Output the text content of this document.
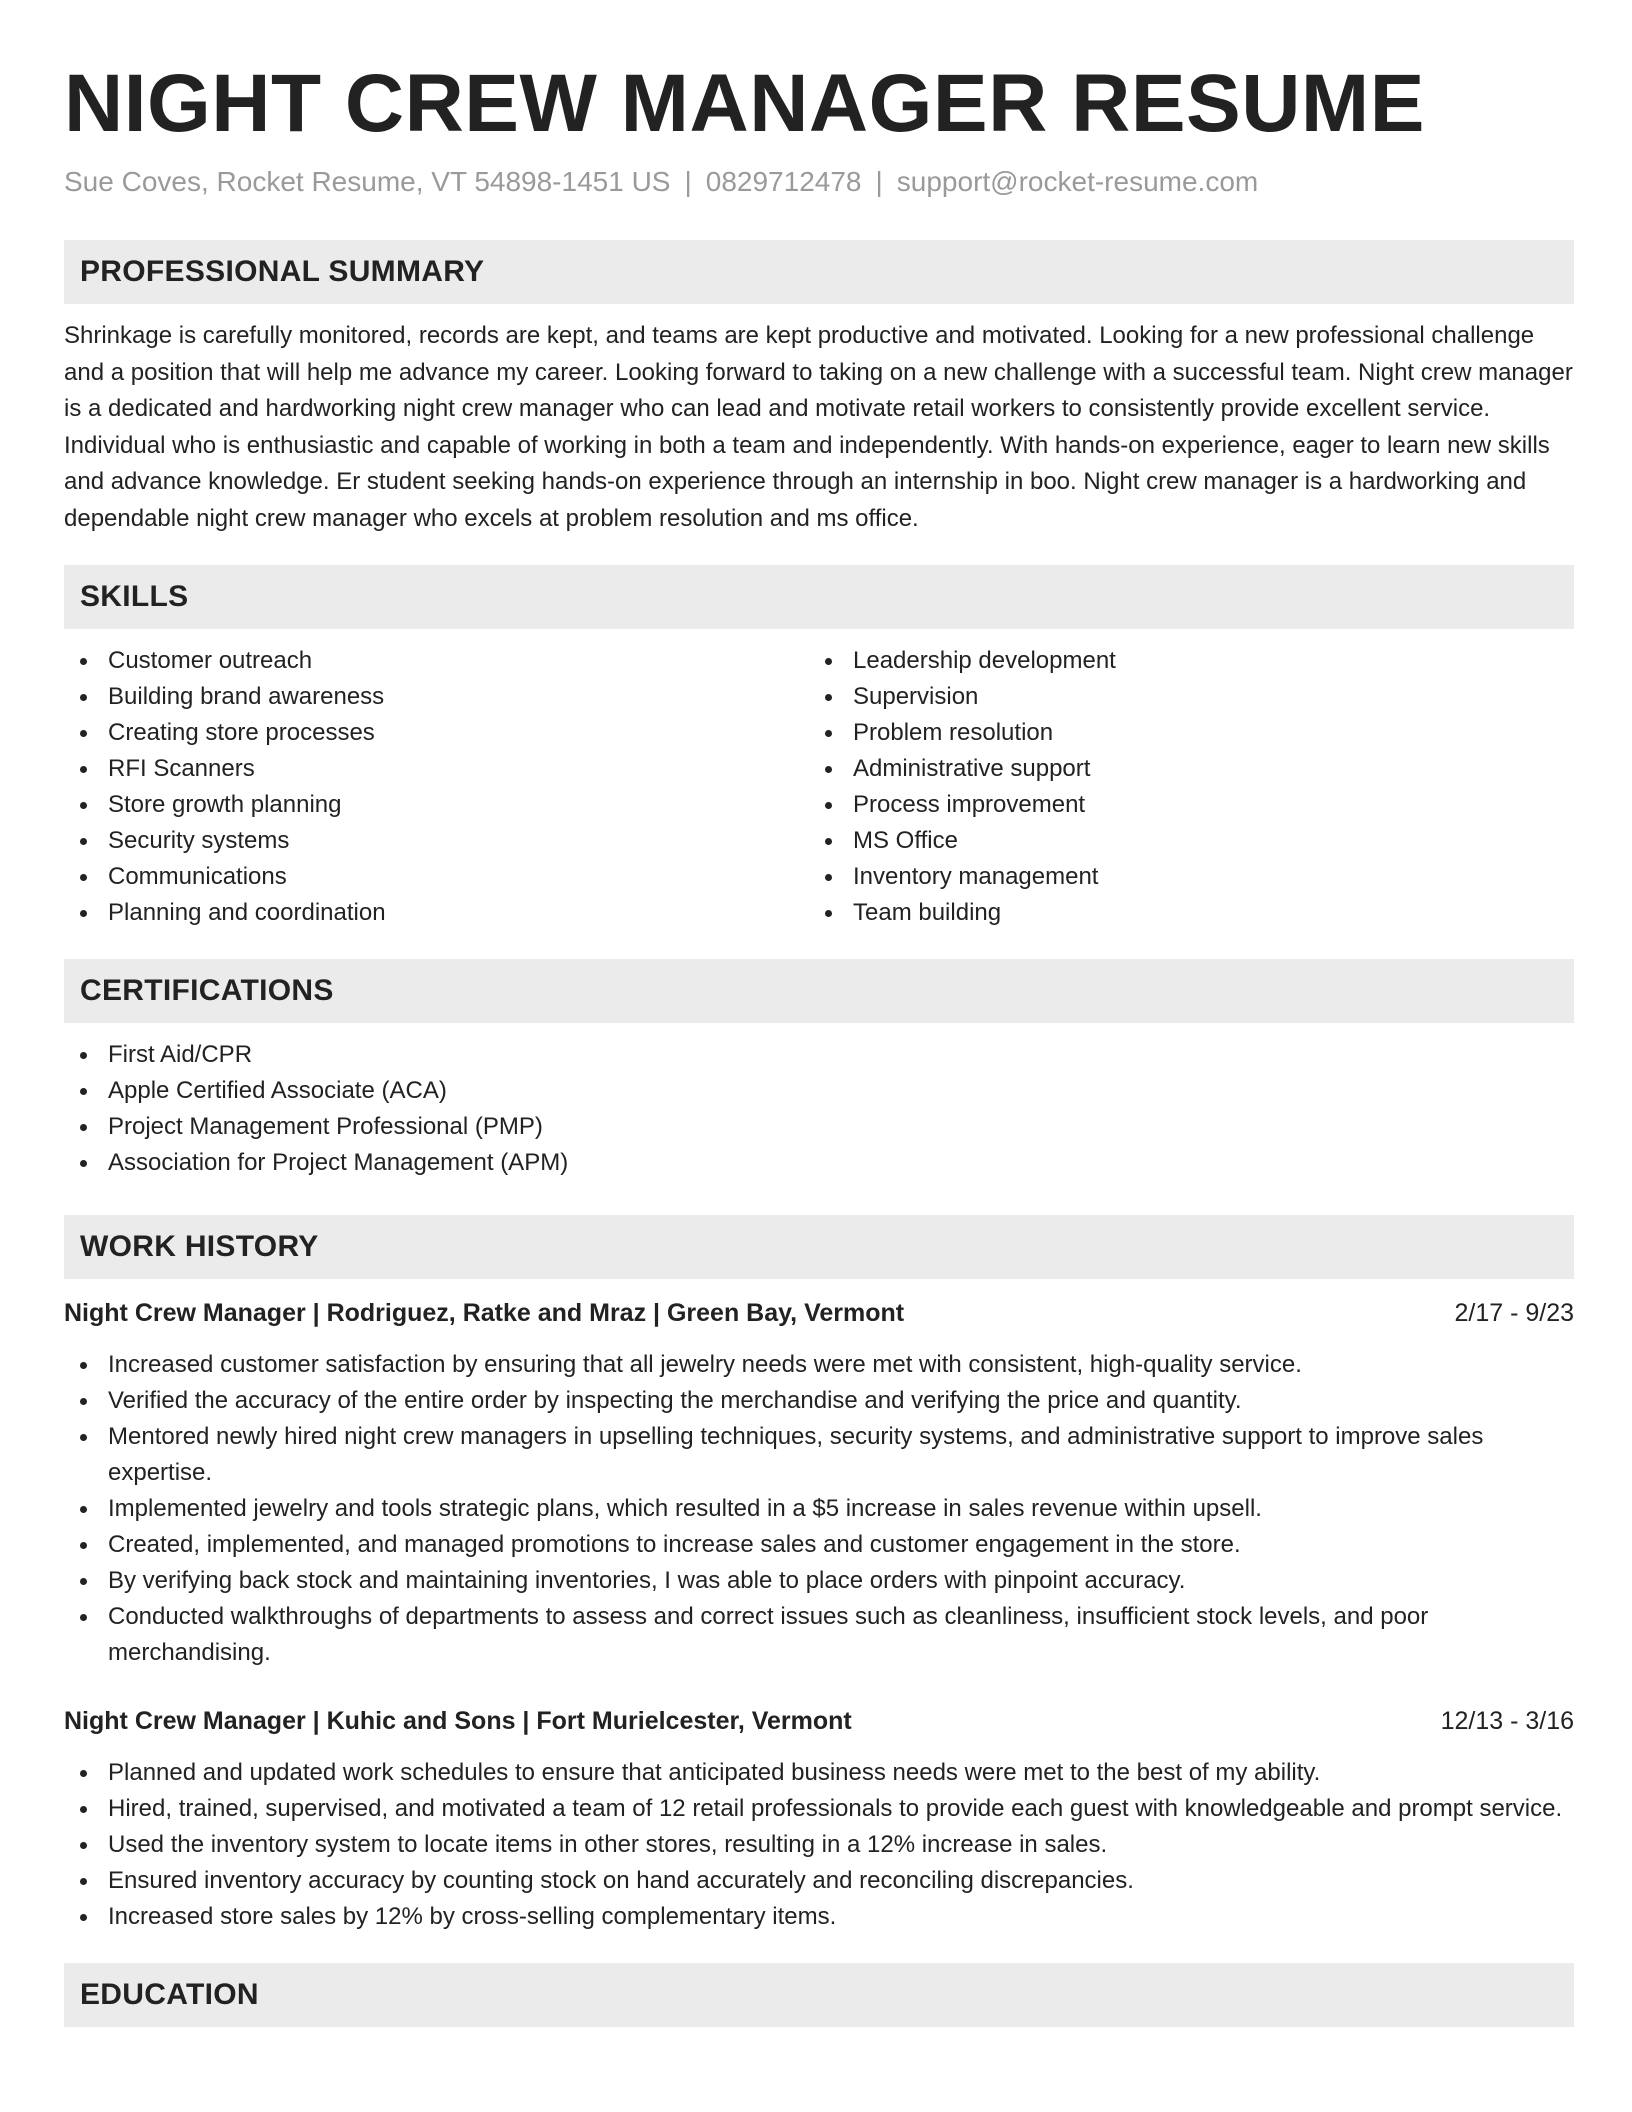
NIGHT CREW MANAGER RESUME
Sue Coves, Rocket Resume, VT 54898-1451 US | 0829712478 | support@rocket-resume.com
PROFESSIONAL SUMMARY

Shrinkage is carefully monitored, records are kept, and teams are kept productive and motivated. Looking for a new professional challenge and a position that will help me advance my career. Looking forward to taking on a new challenge with a successful team. Night crew manager is a dedicated and hardworking night crew manager who can lead and motivate retail workers to consistently provide excellent service. Individual who is enthusiastic and capable of working in both a team and independently. With hands-on experience, eager to learn new skills and advance knowledge. Er student seeking hands-on experience through an internship in boo. Night crew manager is a hardworking and dependable night crew manager who excels at problem resolution and ms office.

SKILLS
Customer outreach
Building brand awareness
Creating store processes
RFI Scanners
Store growth planning
Security systems
Communications
Planning and coordination
Leadership development
Supervision
Problem resolution
Administrative support
Process improvement
MS Office
Inventory management
Team building
CERTIFICATIONS
First Aid/CPR
Apple Certified Associate (ACA)
Project Management Professional (PMP)
Association for Project Management (APM)
WORK HISTORY
Night Crew Manager | Rodriguez, Ratke and Mraz | Green Bay, Vermont	2/17 - 9/23
Increased customer satisfaction by ensuring that all jewelry needs were met with consistent, high-quality service.
Verified the accuracy of the entire order by inspecting the merchandise and verifying the price and quantity.
Mentored newly hired night crew managers in upselling techniques, security systems, and administrative support to improve sales expertise.
Implemented jewelry and tools strategic plans, which resulted in a $5 increase in sales revenue within upsell.
Created, implemented, and managed promotions to increase sales and customer engagement in the store.
By verifying back stock and maintaining inventories, I was able to place orders with pinpoint accuracy.
Conducted walkthroughs of departments to assess and correct issues such as cleanliness, insufficient stock levels, and poor merchandising.
Night Crew Manager | Kuhic and Sons | Fort Murielcester, Vermont	12/13 - 3/16
Planned and updated work schedules to ensure that anticipated business needs were met to the best of my ability.
Hired, trained, supervised, and motivated a team of 12 retail professionals to provide each guest with knowledgeable and prompt service.
Used the inventory system to locate items in other stores, resulting in a 12% increase in sales.
Ensured inventory accuracy by counting stock on hand accurately and reconciling discrepancies.
Increased store sales by 12% by cross-selling complementary items.
EDUCATION
